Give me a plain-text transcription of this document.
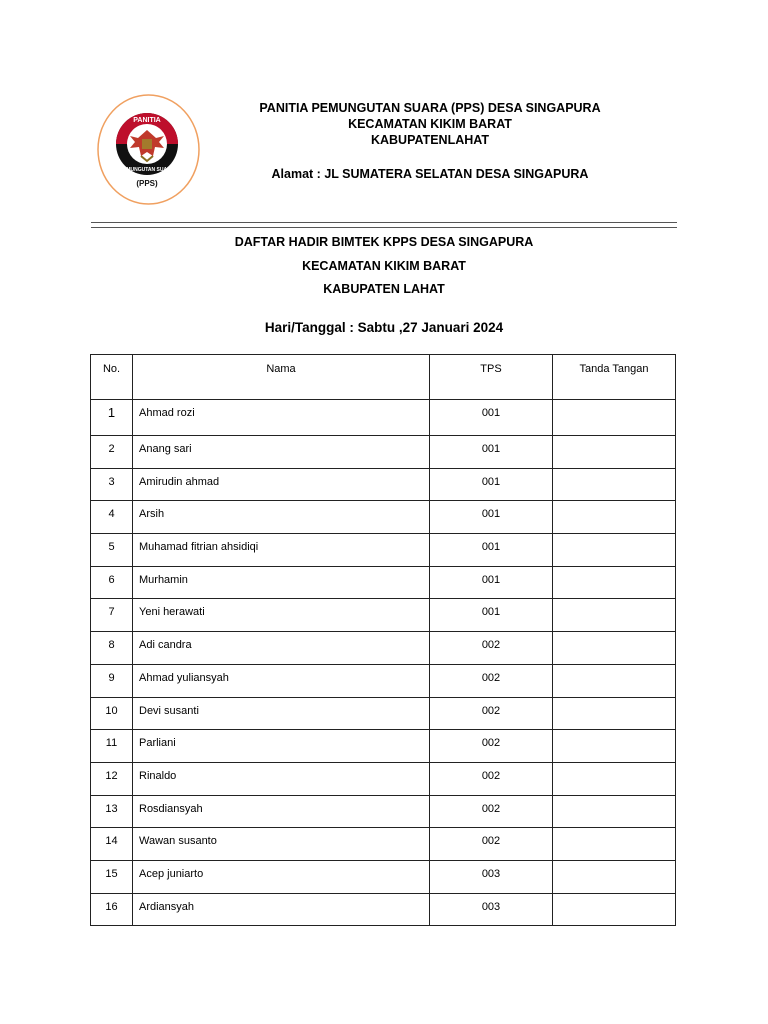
PANITIA
PEMUNGUTAN SUARA
(PPS)
PANITIA PEMUNGUTAN SUARA (PPS) DESA SINGAPURA
KECAMATAN KIKIM BARAT
KABUPATENLAHAT
Alamat : JL SUMATERA SELATAN DESA SINGAPURA
DAFTAR HADIR BIMTEK KPPS DESA SINGAPURA
KECAMATAN KIKIM BARAT
KABUPATEN LAHAT
Hari/Tanggal : Sabtu ,27 Januari 2024
No.	Nama	TPS	Tanda Tangan
1	Ahmad rozi	001	
2	Anang sari	001	
3	Amirudin ahmad	001	
4	Arsih	001	
5	Muhamad fitrian ahsidiqi	001	
6	Murhamin	001	
7	Yeni herawati	001	
8	Adi candra	002	
9	Ahmad yuliansyah	002	
10	Devi susanti	002	
11	Parliani	002	
12	Rinaldo	002	
13	Rosdiansyah	002	
14	Wawan susanto	002	
15	Acep juniarto	003	
16	Ardiansyah	003	
